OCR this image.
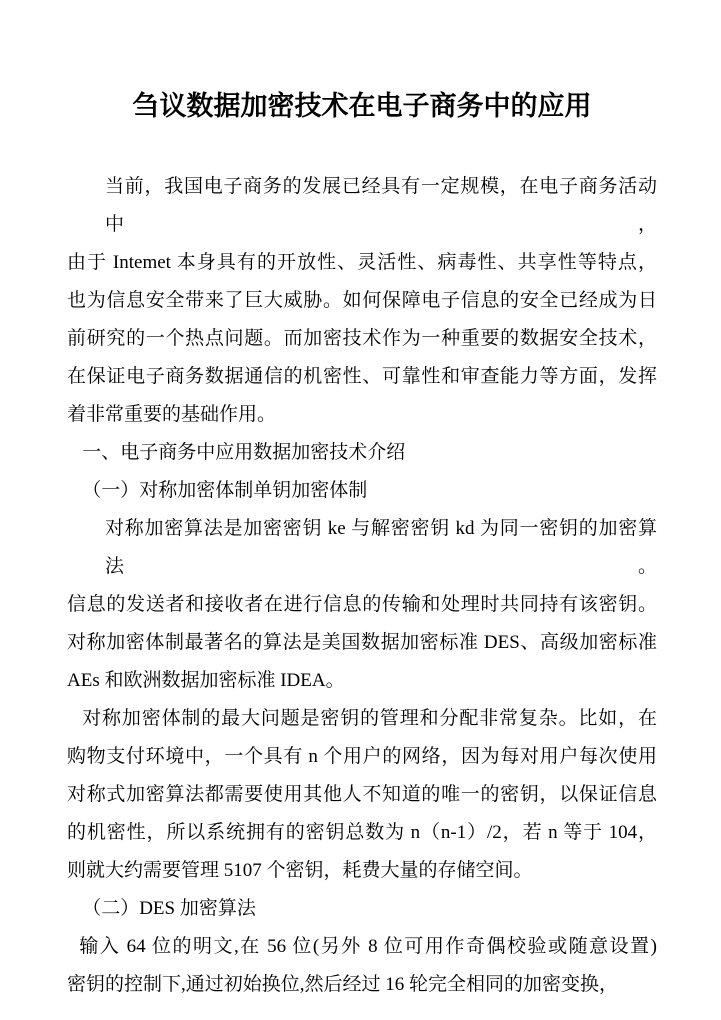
刍议数据加密技术在电子商务中的应用
当前，我国电子商务的发展已经具有一定规模，在电子商务活动中，
由于 Intemet 本身具有的开放性、灵活性、病毒性、共享性等特点，
也为信息安全带来了巨大威胁。如何保障电子信息的安全已经成为日
前研究的一个热点问题。而加密技术作为一种重要的数据安全技术，
在保证电子商务数据通信的机密性、可靠性和审查能力等方面，发挥
着非常重要的基础作用。
一、电子商务中应用数据加密技术介绍
（一）对称加密体制单钥加密体制
对称加密算法是加密密钥 ke 与解密密钥 kd 为同一密钥的加密算法。
信息的发送者和接收者在进行信息的传输和处理时共同持有该密钥。
对称加密体制最著名的算法是美国数据加密标准 DES、高级加密标准
AEs 和欧洲数据加密标准 IDEA。
对称加密体制的最大问题是密钥的管理和分配非常复杂。比如，在
购物支付环境中，一个具有 n 个用户的网络，因为每对用户每次使用
对称式加密算法都需要使用其他人不知道的唯一的密钥，以保证信息
的机密性，所以系统拥有的密钥总数为 n（n-1）/2，若 n 等于 104，
则就大约需要管理 5107 个密钥，耗费大量的存储空间。
（二）DES 加密算法
输入 64 位的明文,在 56 位(另外 8 位可用作奇偶校验或随意设置)
密钥的控制下,通过初始换位,然后经过 16 轮完全相同的加密变换，
